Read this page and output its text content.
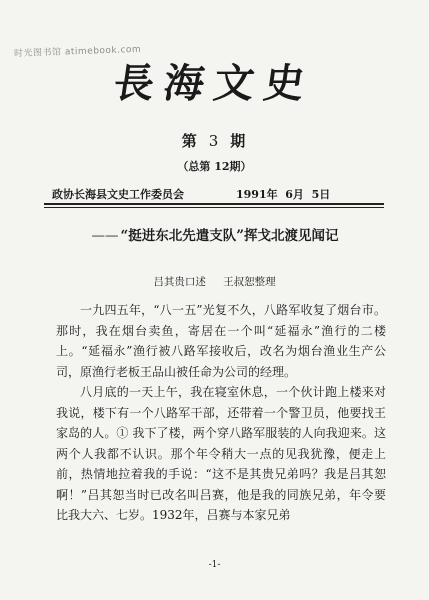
时光图书馆 atimebook.com
長海文史
第 3 期
（总第 12期）
政协长海县文史工作委员会	1991年  6月  5日
—— “挺进东北先遣支队”挥戈北渡见闻记
吕其贵口述 王叔恕整理

一九四五年，“八一五”光复不久，八路军收复了烟台市。那时，我在烟台卖鱼，寄居在一个叫“延福永”渔行的二楼上。“延福永”渔行被八路军接收后，改名为烟台渔业生产公司，原渔行老板王品山被任命为公司的经理。

八月底的一天上午，我在寝室休息，一个伙计跑上楼来对我说，楼下有一个八路军干部，还带着一个警卫员，他要找王家岛的人。① 我下了楼，两个穿八路军服装的人向我迎来。这两个人我都不认识。那个年令稍大一点的见我犹豫，便走上前，热情地拉着我的手说：“这不是其贵兄弟吗？我是吕其恕啊！”吕其恕当时已改名叫吕赛，他是我的同族兄弟，年令要比我大六、七岁。1932年，吕赛与本家兄弟

-1-
